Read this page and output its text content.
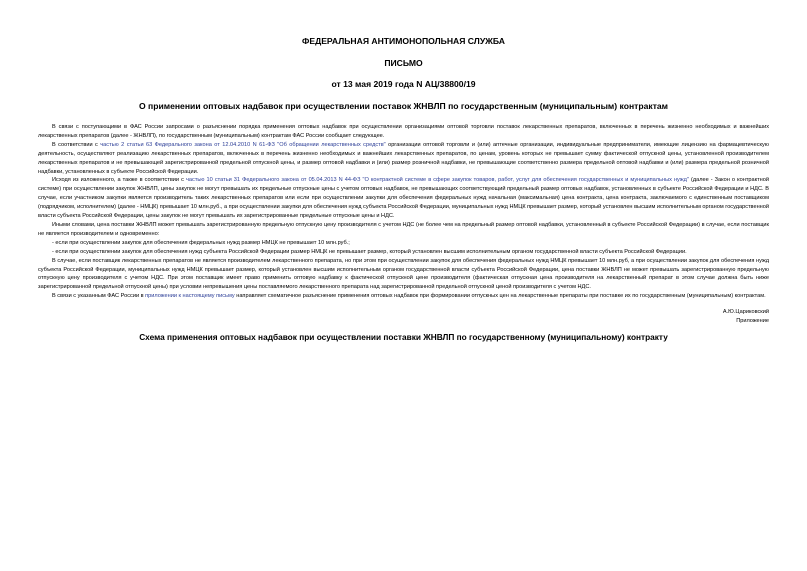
ФЕДЕРАЛЬНАЯ АНТИМОНОПОЛЬНАЯ СЛУЖБА
ПИСЬМО
от 13 мая 2019 года N АЦ/38800/19
О применении оптовых надбавок при осуществлении поставок ЖНВЛП по государственным (муниципальным) контрактам

В связи с поступающими в ФАС России запросами о разъяснении порядка применения оптовых надбавок при осуществлении организациями оптовой торговли поставок лекарственных препаратов, включенных в перечень жизненно необходимых и важнейших лекарственных препаратов (далее - ЖНВЛП), по государственным (муниципальным) контрактам ФАС России сообщает следующее.

В соответствии с частью 2 статьи 63 Федерального закона от 12.04.2010 N 61-ФЗ "Об обращении лекарственных средств" организации оптовой торговли и (или) аптечные организации, индивидуальные предприниматели, имеющие лицензию на фармацевтическую деятельность, осуществляют реализацию лекарственных препаратов, включенных в перечень жизненно необходимых и важнейших лекарственных препаратов, по ценам, уровень которых не превышает сумму фактической отпускной цены, установленной производителем лекарственных препаратов и не превышающей зарегистрированной предельной отпускной цены, и размер оптовой надбавки и (или) размер розничной надбавки, не превышающие соответственно размера предельной оптовой надбавки и (или) размера предельной розничной надбавки, установленных в субъекте Российской Федерации.

Исходя из изложенного, а также в соответствии с частью 10 статьи 31 Федерального закона от 05.04.2013 N 44-ФЗ "О контрактной системе в сфере закупок товаров, работ, услуг для обеспечения государственных и муниципальных нужд" (далее - Закон о контрактной системе) при осуществлении закупок ЖНВЛП, цены закупок не могут превышать их предельные отпускные цены с учетом оптовых надбавок, не превышающих соответствующий предельный размер оптовых надбавок, установленных в субъекте Российской Федерации и НДС. В случае, если участником закупки является производитель таких лекарственных препаратов или если при осуществлении закупки для обеспечения федеральных нужд начальная (максимальная) цена контракта, цена контракта, заключаемого с единственным поставщиком (подрядчиком, исполнителем) (далее - НМЦК) превышает 10 млн.руб., а при осуществлении закупки для обеспечения нужд субъекта Российской Федерации, муниципальных нужд НМЦК превышает размер, который установлен высшим исполнительным органом государственной власти субъекта Российской Федерации, цены закупок не могут превышать их зарегистрированные предельные отпускные цены и НДС.

Иными словами, цена поставки ЖНВЛП может превышать зарегистрированную предельную отпускную цену производителя с учетом НДС (не более чем на предельный размер оптовой надбавки, установленный в субъекте Российской Федерации) в случае, если поставщик не является производителем и одновременно:

- если при осуществлении закупок для обеспечения федеральных нужд размер НМЦК не превышает 10 млн.руб.;

- если при осуществлении закупок для обеспечения нужд субъекта Российской Федерации размер НМЦК не превышает размер, который установлен высшим исполнительным органом государственной власти субъекта Российской Федерации.

В случае, если поставщик лекарственных препаратов не является производителем лекарственного препарата, но при этом при осуществлении закупок для обеспечения федеральных нужд НМЦК превышает 10 млн.руб, а при осуществлении закупок для обеспечения нужд субъекта Российской Федерации, муниципальных нужд НМЦК превышает размер, который установлен высшим исполнительным органом государственной власти субъекта Российской Федерации, цена поставки ЖНВЛП не может превышать зарегистрированную предельную отпускную цену производителя с учетом НДС. При этом поставщик имеет право применить оптовую надбавку к фактической отпускной цене производителя (фактическая отпускная цена производителя на лекарственный препарат в этом случае должна быть ниже зарегистрированной предельной отпускной цены) при условии непревышения цены поставляемого лекарственного препарата над зарегистрированной предельной отпускной ценой производителя с учетом НДС.

В связи с указанным ФАС России в приложении к настоящему письму направляет схематичное разъяснение применения оптовых надбавок при формировании отпускных цен на лекарственные препараты при поставке их по государственным (муниципальным) контрактам.

А.Ю.Цариковский
Приложение
Схема применения оптовых надбавок при осуществлении поставки ЖНВЛП по государственному (муниципальному) контракту
